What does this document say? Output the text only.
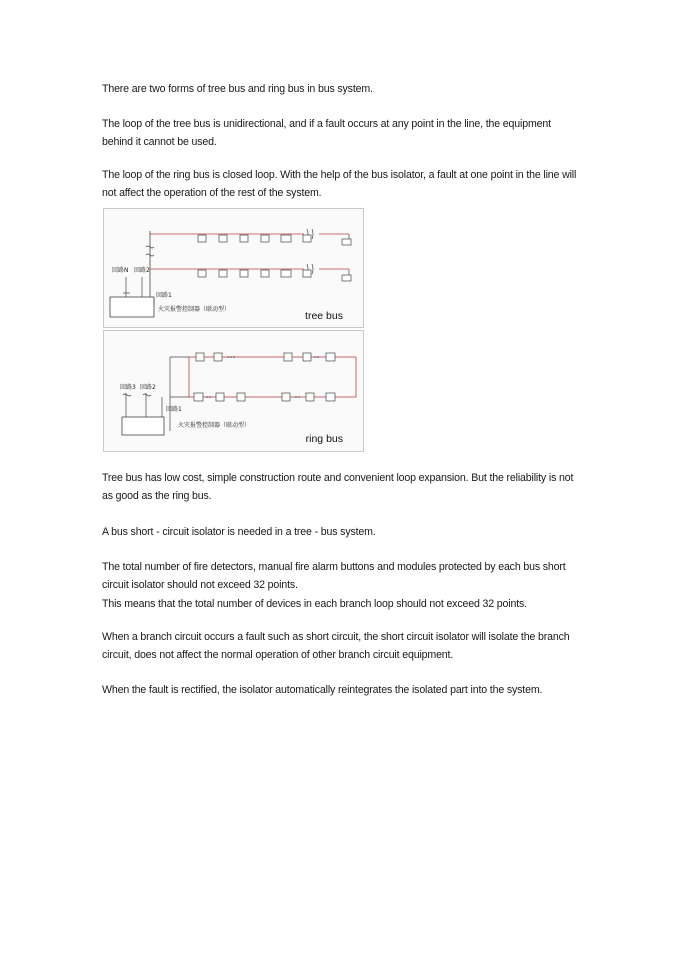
There are two forms of tree bus and ring bus in bus system.

The loop of the tree bus is unidirectional, and if a fault occurs at any point in the line, the equipment behind it cannot be used.

The loop of the ring bus is closed loop. With the help of the bus isolator, a fault at one point in the line will not affect the operation of the rest of the system.

回路N 回路2
回路1
火灾报警控制器（联动型）
tree bus
回路3 回路2
回路1
火灾报警控制器（联动型）
ring bus

Tree bus has low cost, simple construction route and convenient loop expansion. But the reliability is not as good as the ring bus.

A bus short - circuit isolator is needed in a tree - bus system.

The total number of fire detectors, manual fire alarm buttons and modules protected by each bus short circuit isolator should not exceed 32 points.

This means that the total number of devices in each branch loop should not exceed 32 points.

When a branch circuit occurs a fault such as short circuit, the short circuit isolator will isolate the branch circuit, does not affect the normal operation of other branch circuit equipment.

When the fault is rectified, the isolator automatically reintegrates the isolated part into the system.
